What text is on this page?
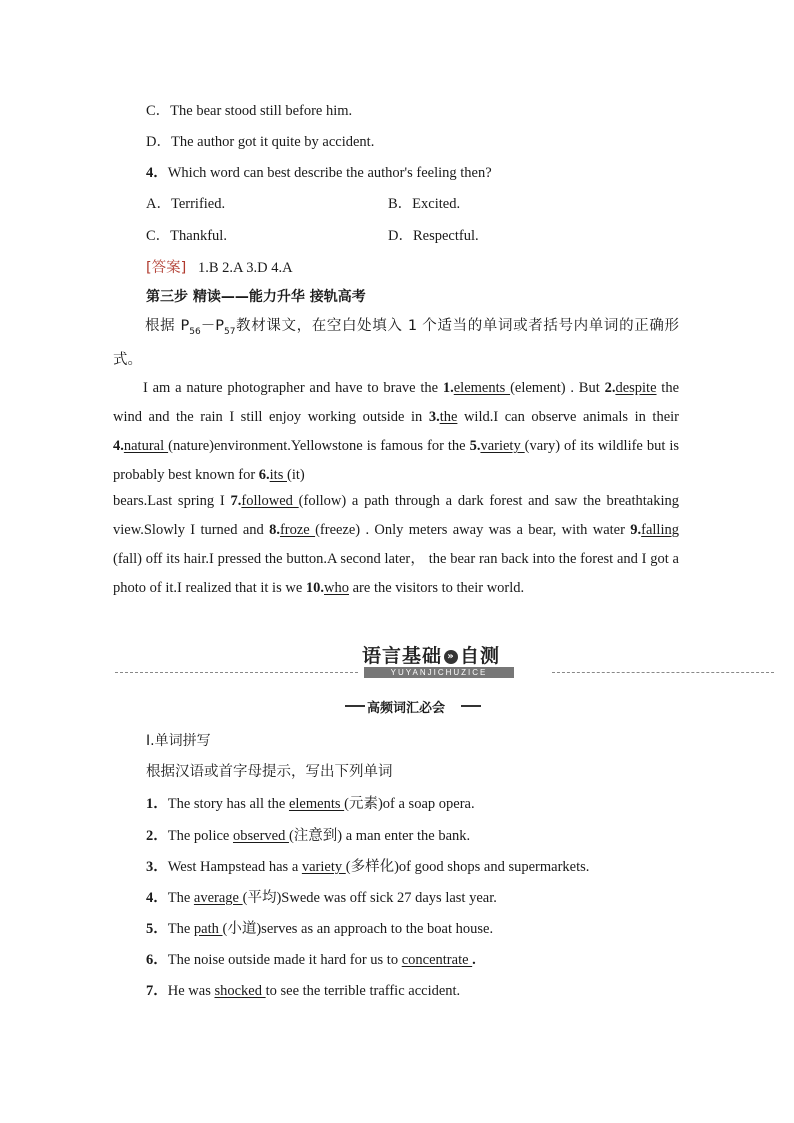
C．The bear stood still before him.
D．The author got it quite by accident.
4．Which word can best describe the author's feeling then?
A．Terrified.	B．Excited.
C．Thankful.	D．Respectful.
[答案] 1.B 2.A 3.D 4.A
第三步 精读——能力升华 接轨高考
根据 $P_{56}-P_{57}$教材课文，在空白处填入 1 个适当的单词或者括号内单词的正确形式。
I am a nature photographer and have to brave the 1.elements (element) . But 2.despite the wind and the rain I still enjoy working outside in 3.the wild.I can observe animals in their 4.natural (nature)environment.Yellowstone is famous for the 5.variety (vary) of its wildlife but is probably best known for 6.its (it)
bears.Last spring I 7.followed (follow) a path through a dark forest and saw the breathtaking view.Slowly I turned and 8.froze (freeze) . Only meters away was a bear, with water 9.falling (fall) off its hair.I pressed the button.A second later， the bear ran back into the forest and I got a photo of it.I realized that it is we 10.who are the visitors to their world.
语言基础 » 自测
YUYANJICHUZICE
高频词汇必会
Ⅰ.单词拼写
根据汉语或首字母提示，写出下列单词
1．The story has all the elements (元素)of a soap opera.
2．The police observed (注意到) a man enter the bank.
3．West Hampstead has a variety (多样化)of good shops and supermarkets.
4．The average (平均)Swede was off sick 27 days last year.
5．The path (小道)serves as an approach to the boat house.
6．The noise outside made it hard for us to concentrate .
7．He was shocked to see the terrible traffic accident.
